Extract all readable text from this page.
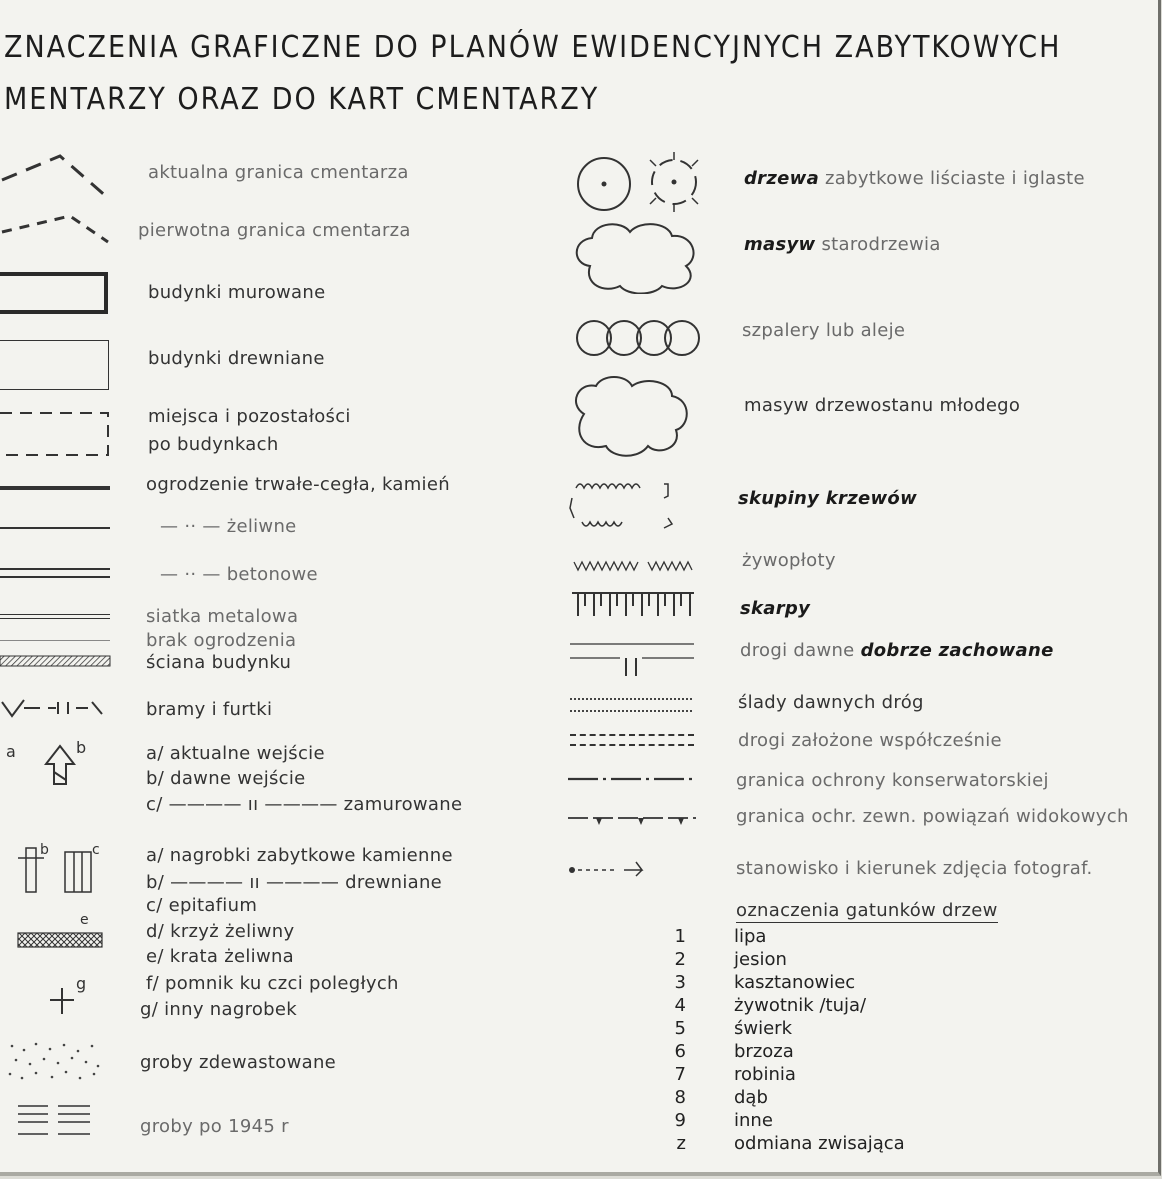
ZNACZENIA GRAFICZNE DO PLANÓW EWIDENCYJNYCH ZABYTKOWYCH
MENTARZY ORAZ DO KART CMENTARZY
aktualna granica cmentarza
pierwotna granica cmentarza
budynki murowane
budynki drewniane
miejsca i pozostałości
po budynkach
ogrodzenie trwałe-cegła, kamień
— ·· — żeliwne
— ·· — betonowe
siatka metalowa
brak ogrodzenia
ściana budynku
bramy i furtki
a	b	a/ aktualne wejście
b/ dawne wejście
c/ ———— ıı ———— zamurowane
b	c	a/ nagrobki zabytkowe kamienne
b/ ———— ıı ———— drewniane
c/ epitafium
e
d/ krzyż żeliwny
e/ krata żeliwna
f/ pomnik ku czci poległych
g
g/ inny nagrobek
groby zdewastowane
groby po 1945 r
drzewa zabytkowe liściaste i iglaste
masyw starodrzewia
szpalery lub aleje
masyw drzewostanu młodego
skupiny krzewów
żywopłoty
skarpy
drogi dawne dobrze zachowane
ślady dawnych dróg
drogi założone współcześnie
granica ochrony konserwatorskiej
granica ochr. zewn. powiązań widokowych
stanowisko i kierunek zdjęcia fotograf.
oznaczenia gatunków drzew
1	lipa
2	jesion
3	kasztanowiec
4	żywotnik /tuja/
5	świerk
6	brzoza
7	robinia
8	dąb
9	inne
z	odmiana zwisająca
